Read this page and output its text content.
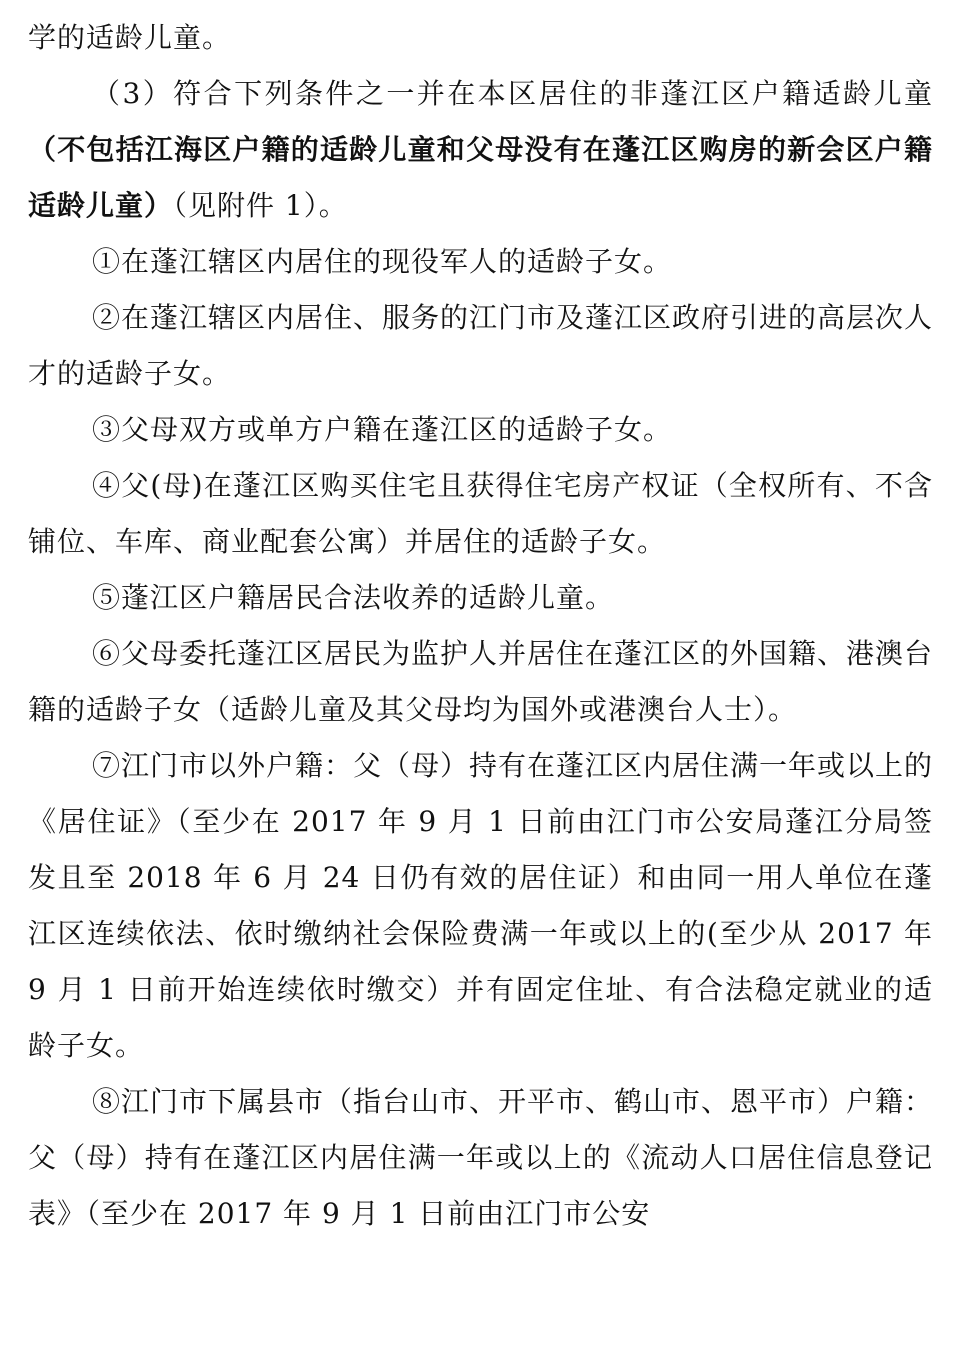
学的适龄儿童。

（3）符合下列条件之一并在本区居住的非蓬江区户籍适龄儿童（不包括江海区户籍的适龄儿童和父母没有在蓬江区购房的新会区户籍适龄儿童）（见附件 1）。

①在蓬江辖区内居住的现役军人的适龄子女。

②在蓬江辖区内居住、服务的江门市及蓬江区政府引进的高层次人才的适龄子女。

③父母双方或单方户籍在蓬江区的适龄子女。

④父(母)在蓬江区购买住宅且获得住宅房产权证（全权所有、不含铺位、车库、商业配套公寓）并居住的适龄子女。

⑤蓬江区户籍居民合法收养的适龄儿童。

⑥父母委托蓬江区居民为监护人并居住在蓬江区的外国籍、港澳台籍的适龄子女（适龄儿童及其父母均为国外或港澳台人士）。

⑦江门市以外户籍：父（母）持有在蓬江区内居住满一年或以上的《居住证》（至少在 2017 年 9 月 1 日前由江门市公安局蓬江分局签发且至 2018 年 6 月 24 日仍有效的居住证）和由同一用人单位在蓬江区连续依法、依时缴纳社会保险费满一年或以上的(至少从 2017 年 9 月 1 日前开始连续依时缴交）并有固定住址、有合法稳定就业的适龄子女。

⑧江门市下属县市（指台山市、开平市、鹤山市、恩平市）户籍：父（母）持有在蓬江区内居住满一年或以上的《流动人口居住信息登记表》（至少在 2017 年 9 月 1 日前由江门市公安
